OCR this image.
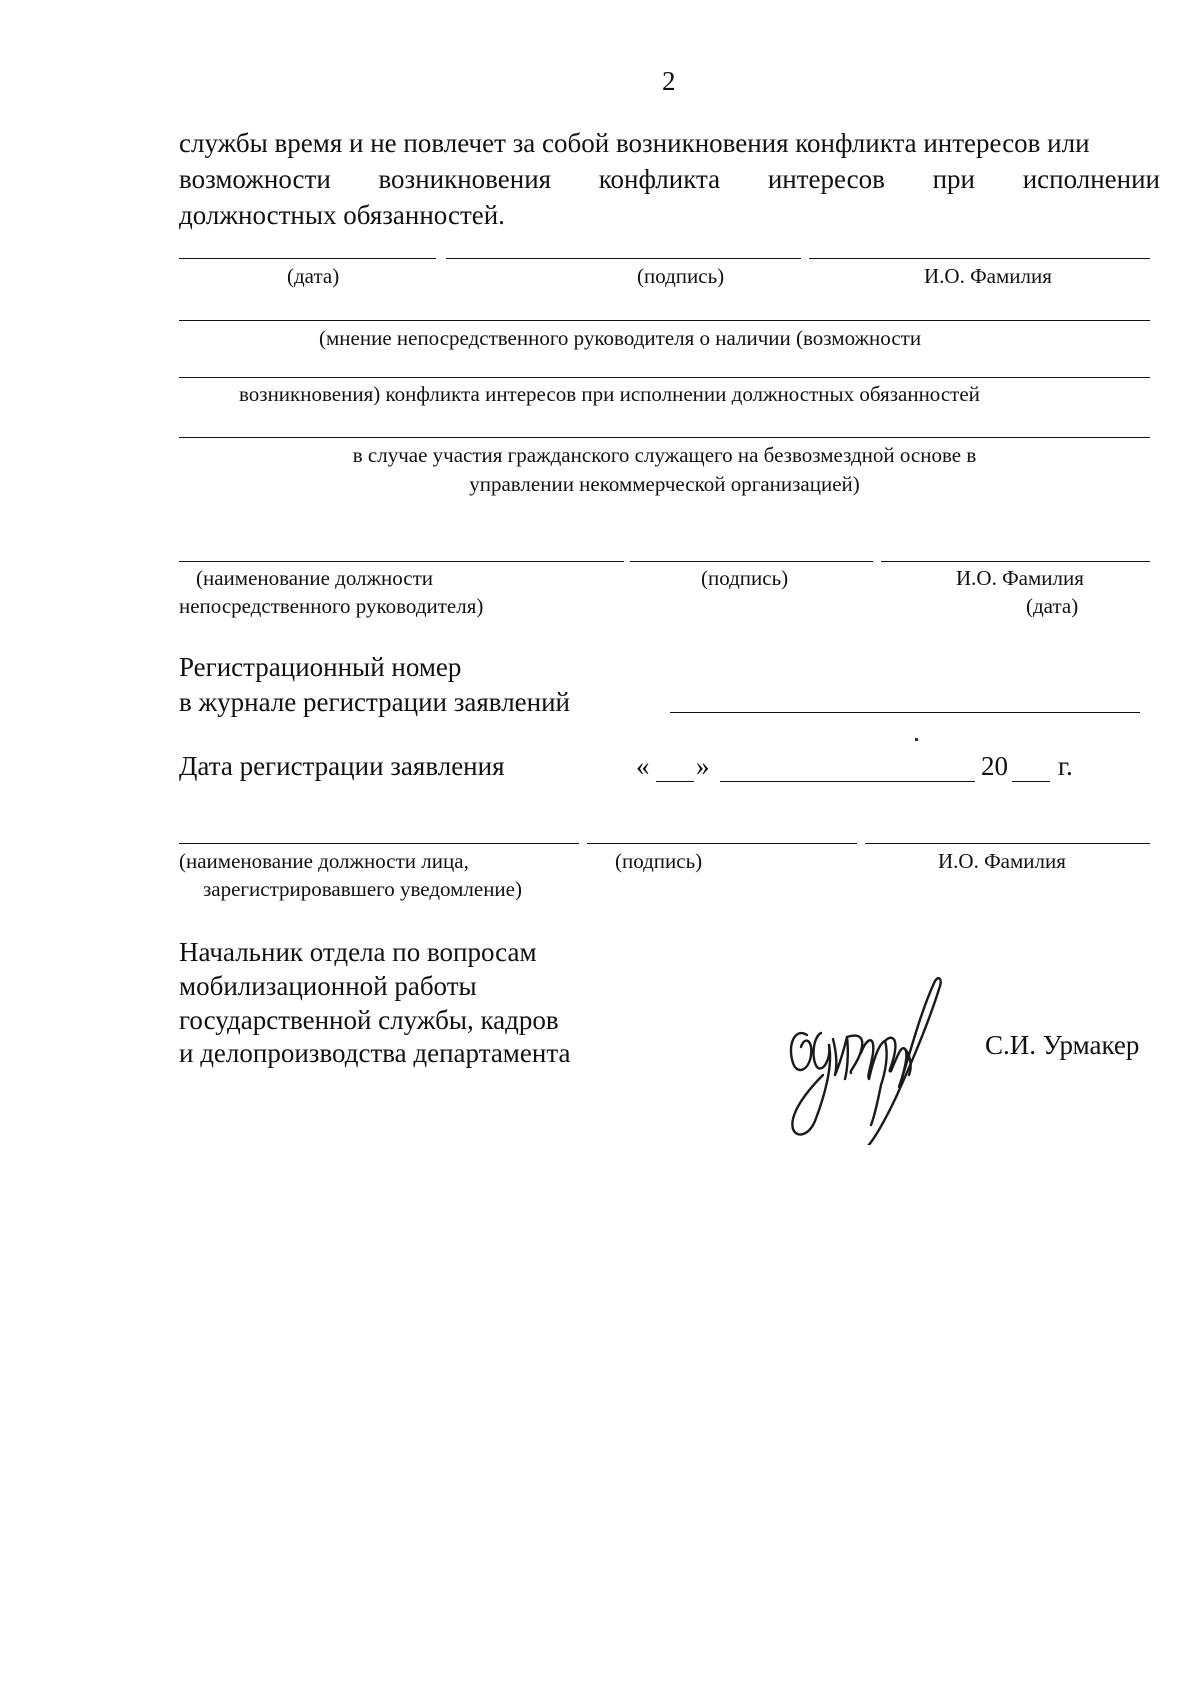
2
службы время и не повлечет за собой возникновения конфликта интересов или
возможности возникновения конфликта интересов при исполнении
должностных обязанностей.
(дата)	(подпись)	И.О. Фамилия
(мнение непосредственного руководителя о наличии (возможности
возникновения) конфликта интересов при исполнении должностных обязанностей
в случае участия гражданского служащего на безвозмездной основе в
управлении некоммерческой организацией)
(наименование должности
непосредственного руководителя)
(подпись)	И.О. Фамилия
(дата)
Регистрационный номер
в журнале регистрации заявлений
Дата регистрации заявления	« »	20 г.
(наименование должности лица,
зарегистрировавшего уведомление)
(подпись)	И.О. Фамилия
Начальник отдела по вопросам
мобилизационной работы
государственной службы, кадров
и делопроизводства департамента	С.И. Урмакер
